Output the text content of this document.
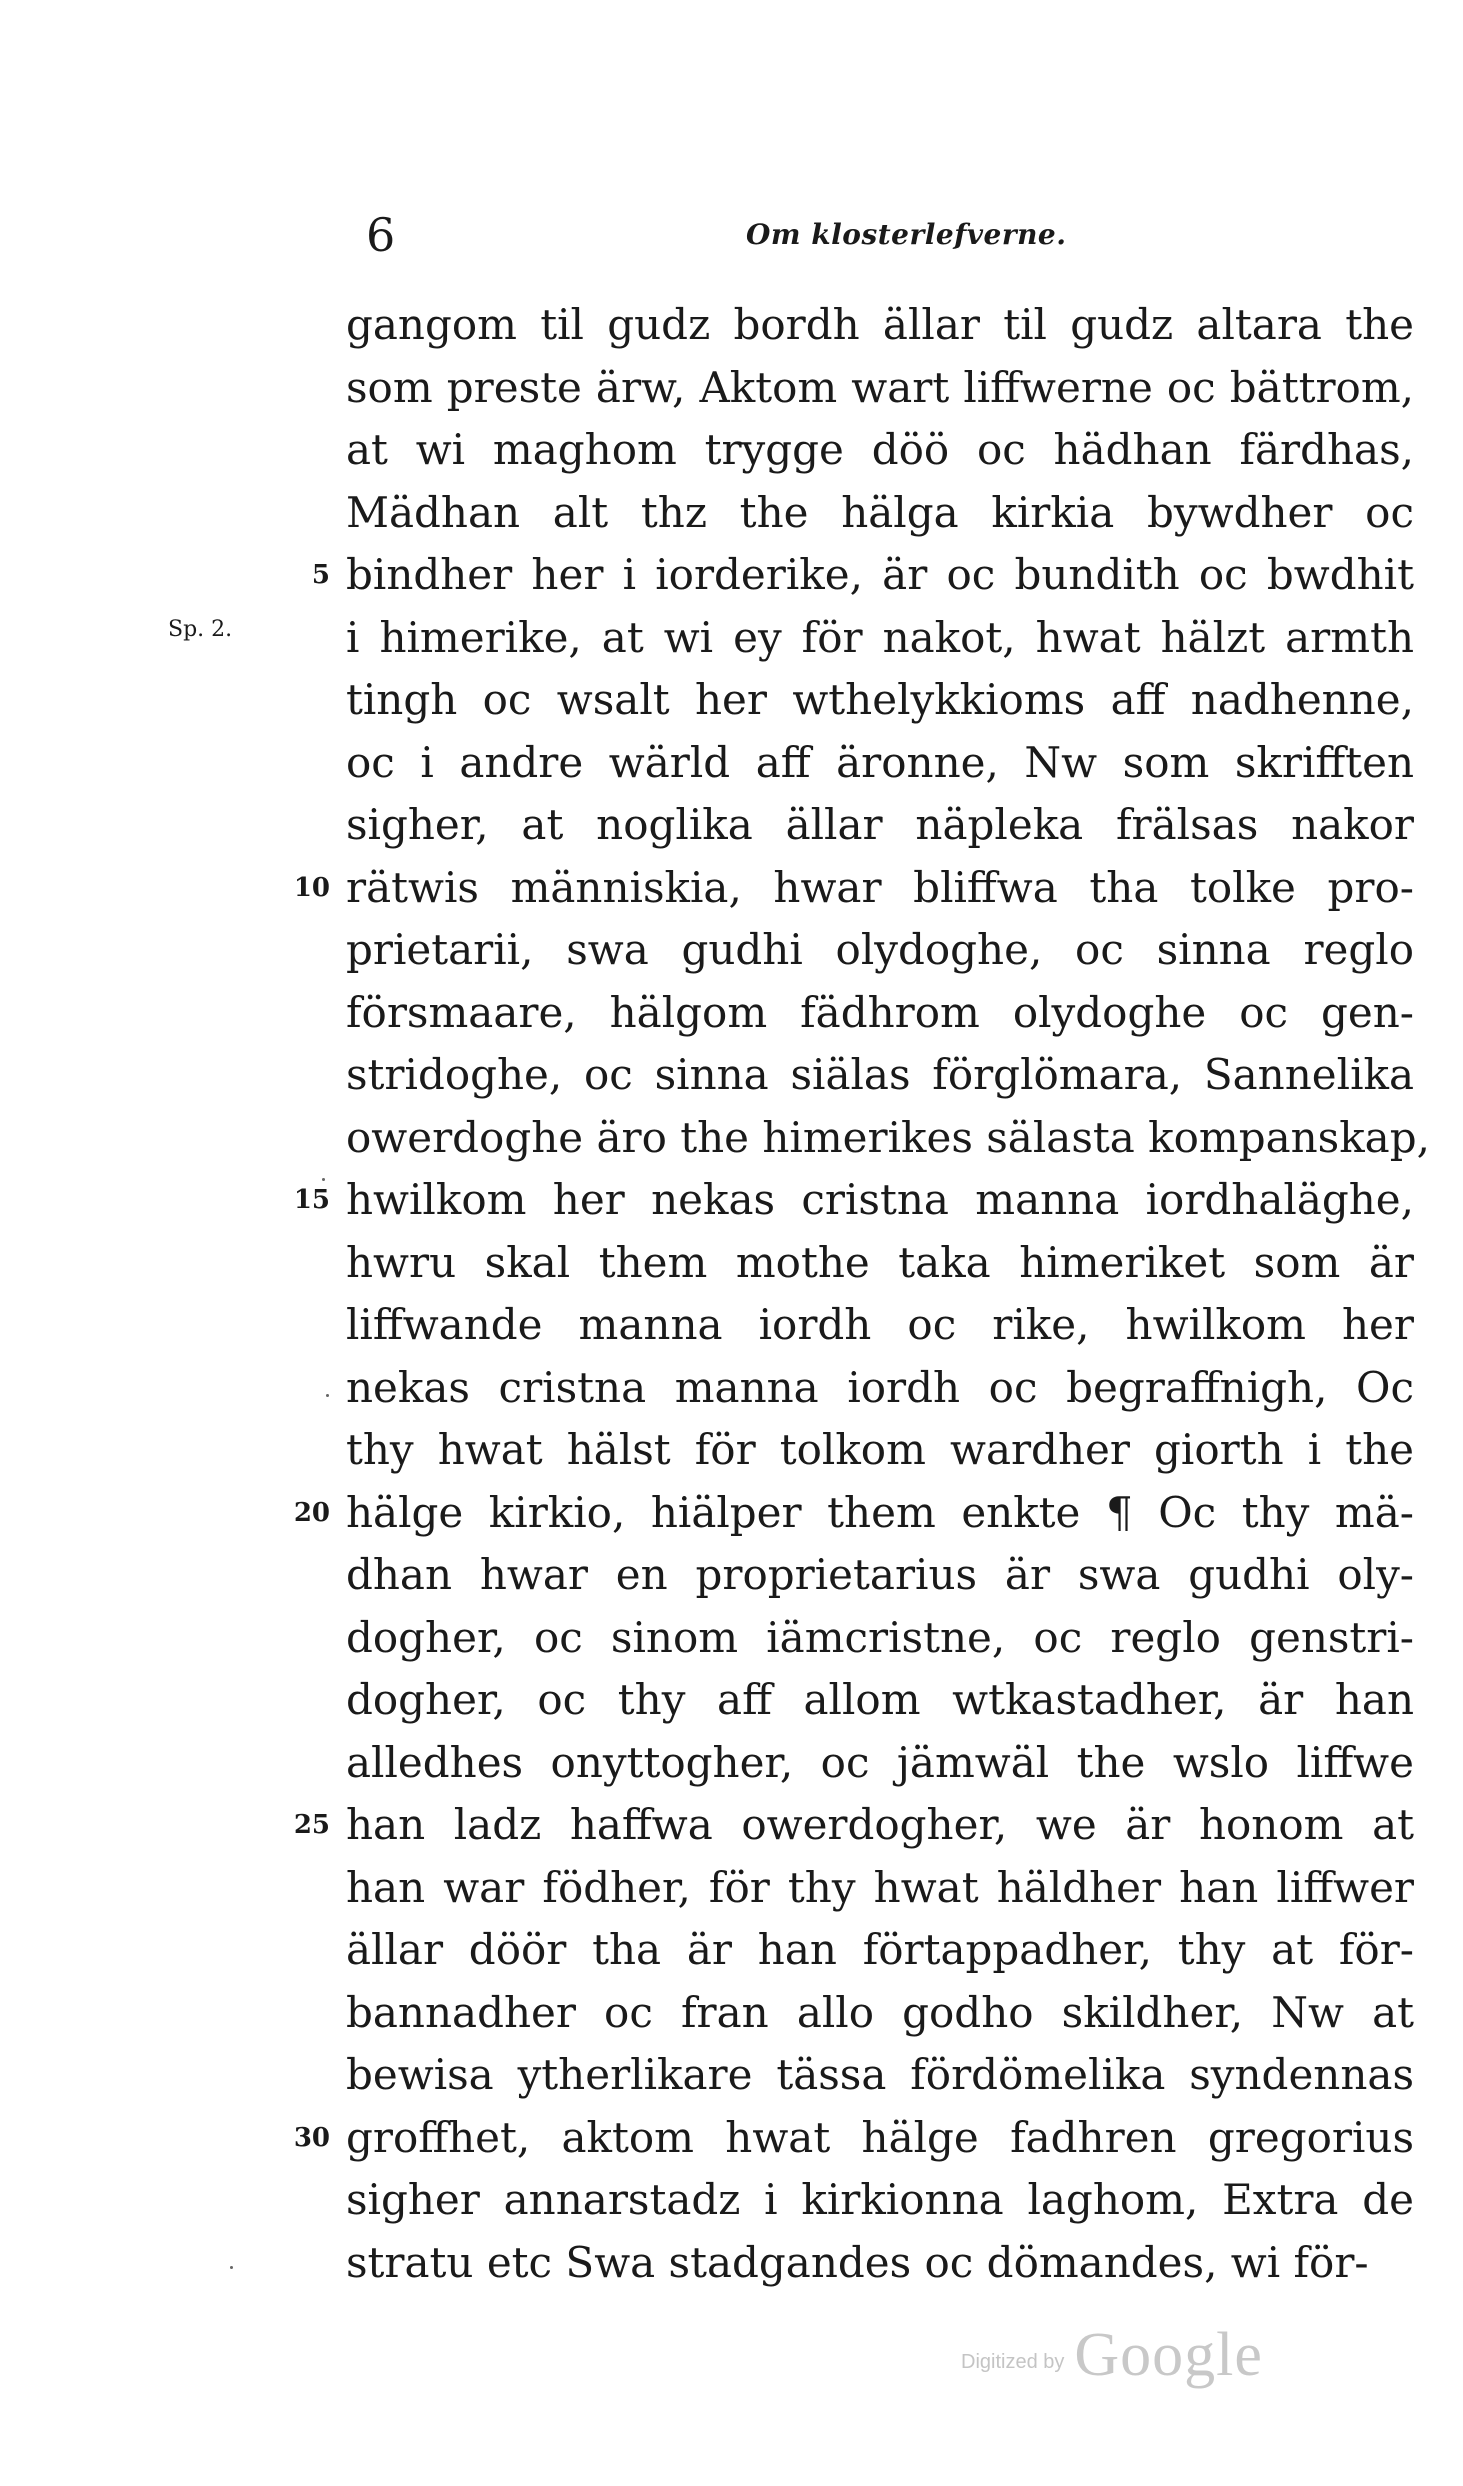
6	Om klosterlefverne.
Sp. 2.
5
10
15
20
25
30
gangom til gudz bordh ällar til gudz altara the
som preste ärw, Aktom wart liffwerne oc bättrom,
at wi maghom trygge döö oc hädhan färdhas,
Mädhan alt thz the hälga kirkia bywdher oc
bindher her i iorderike, är oc bundith oc bwdhit
i himerike, at wi ey för nakot, hwat hälzt armth
tingh oc wsalt her wthelykkioms aff nadhenne,
oc i andre wärld aff äronne, Nw som skrifften
sigher, at noglika ällar näpleka frälsas nakor
rätwis människia, hwar bliffwa tha tolke pro-
prietarii, swa gudhi olydoghe, oc sinna reglo
försmaare, hälgom fädhrom olydoghe oc gen-
stridoghe, oc sinna siälas förglömara, Sannelika
owerdoghe äro the himerikes sälasta kompanskap,
hwilkom her nekas cristna manna iordhaläghe,
hwru skal them mothe taka himeriket som är
liffwande manna iordh oc rike, hwilkom her
nekas cristna manna iordh oc begraffnigh, Oc
thy hwat hälst för tolkom wardher giorth i the
hälge kirkio, hiälper them enkte ¶ Oc thy mä-
dhan hwar en proprietarius är swa gudhi oly-
dogher, oc sinom iämcristne, oc reglo genstri-
dogher, oc thy aff allom wtkastadher, är han
alledhes onyttogher, oc jämwäl the wslo liffwe
han ladz haffwa owerdogher, we är honom at
han war födher, för thy hwat häldher han liffwer
ällar döör tha är han förtappadher, thy at för-
bannadher oc fran allo godho skildher, Nw at
bewisa ytherlikare tässa fördömelika syndennas
groffhet, aktom hwat hälge fadhren gregorius
sigher annarstadz i kirkionna laghom, Extra de
stratu etc Swa stadgandes oc dömandes, wi för-
Digitized by Google
